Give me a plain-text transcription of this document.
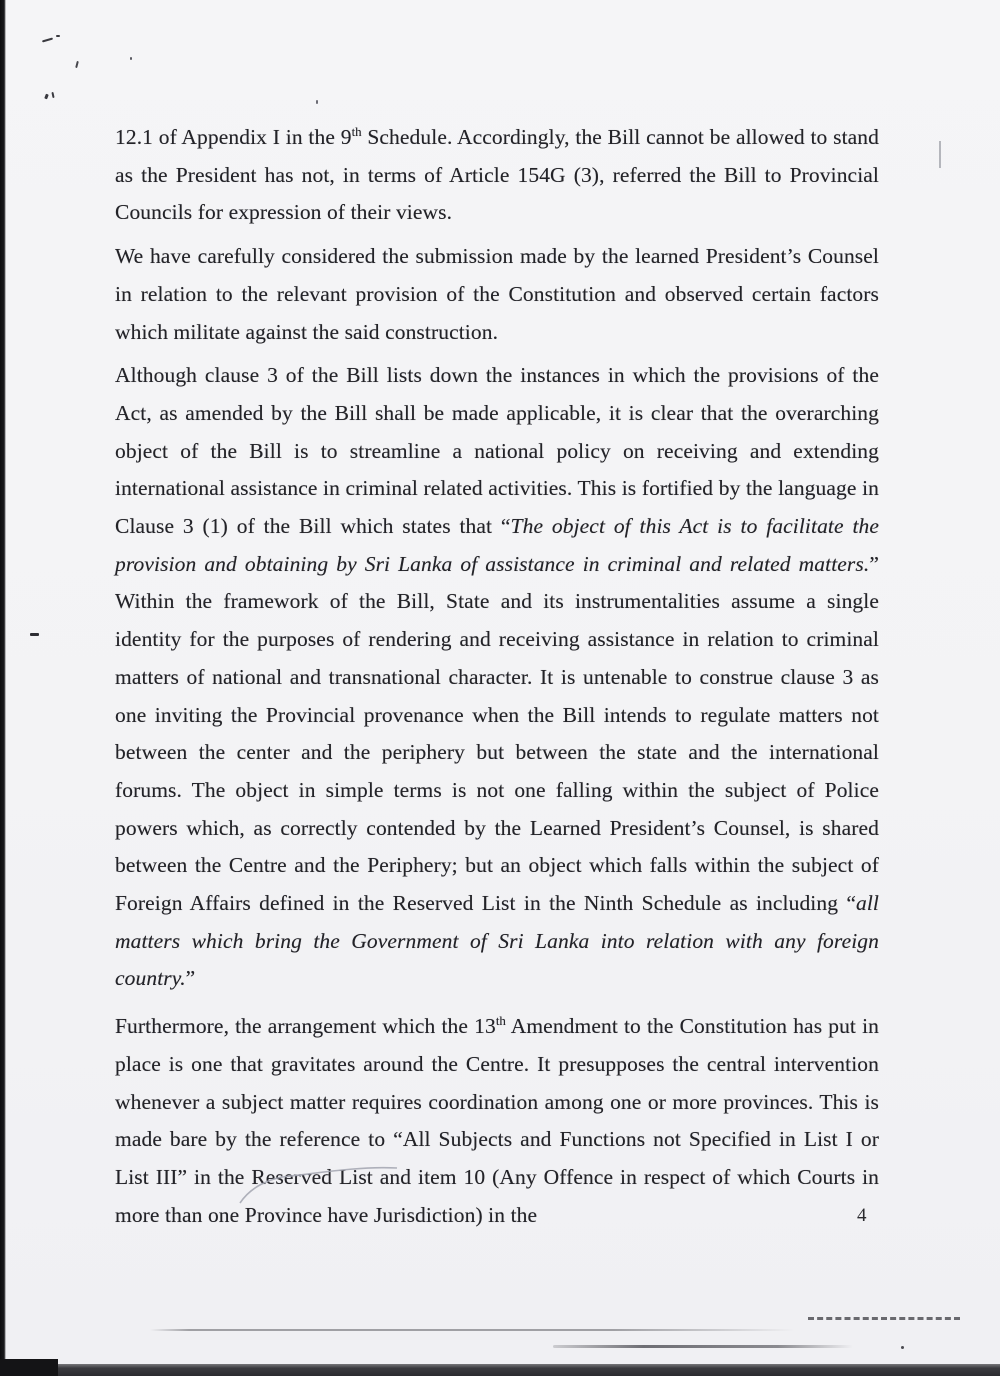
12.1 of Appendix I in the 9th Schedule. Accordingly, the Bill cannot be allowed to stand as the President has not, in terms of Article 154G (3), referred the Bill to Provincial Councils for expression of their views.

We have carefully considered the submission made by the learned President’s Counsel in relation to the relevant provision of the Constitution and observed certain factors which militate against the said construction.

Although clause 3 of the Bill lists down the instances in which the provisions of the Act, as amended by the Bill shall be made applicable, it is clear that the overarching object of the Bill is to streamline a national policy on receiving and extending international assistance in criminal related activities. This is fortified by the language in Clause 3 (1) of the Bill which states that “The object of this Act is to facilitate the provision and obtaining by Sri Lanka of assistance in criminal and related matters.” Within the framework of the Bill, State and its instrumentalities assume a single identity for the purposes of rendering and receiving assistance in relation to criminal matters of national and transnational character. It is untenable to construe clause 3 as one inviting the Provincial provenance when the Bill intends to regulate matters not between the center and the periphery but between the state and the international forums. The object in simple terms is not one falling within the subject of Police powers which, as correctly contended by the Learned President’s Counsel, is shared between the Centre and the Periphery; but an object which falls within the subject of Foreign Affairs defined in the Reserved List in the Ninth Schedule as including “all matters which bring the Government of Sri Lanka into relation with any foreign country.”

Furthermore, the arrangement which the 13th Amendment to the Constitution has put in place is one that gravitates around the Centre. It presupposes the central intervention whenever a subject matter requires coordination among one or more provinces. This is made bare by the reference to “All Subjects and Functions not Specified in List I or List III” in the Reserved List and item 10 (Any Offence in respect of which Courts in more than one Province have Jurisdiction) in the	4
